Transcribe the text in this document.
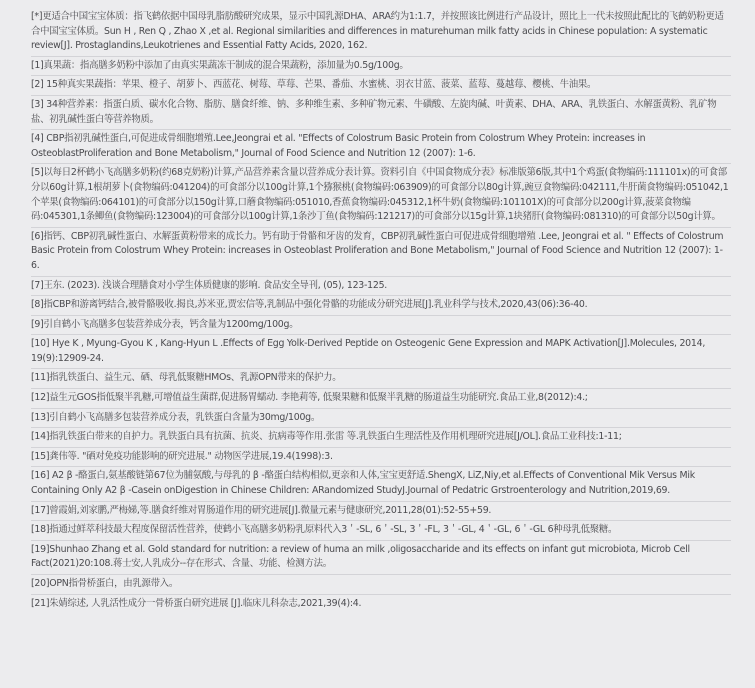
[*]更适合中国宝宝体质：指飞鹤依据中国母乳脂肪酸研究成果，显示中国乳源DHA、ARA约为1:1.7，并按照该比例进行产品设计，照比上一代未按照此配比的飞鹤奶粉更适合中国宝宝体质。Sun H , Ren Q , Zhao X ,et al. Regional similarities and differences in maturehuman milk fatty acids in Chinese population: A systematic review[J]. Prostaglandins,Leukotrienes and Essential Fatty Acids, 2020, 162.

[1]真果蔬：指高膳多奶粉中添加了由真实果蔬冻干制成的混合果蔬粉，添加量为0.5g/100g。

[2] 15种真实果蔬指：苹果、橙子、胡萝卜、西蓝花、树莓、草莓、芒果、番茄、水蜜桃、羽衣甘蓝、菠菜、蓝莓、蔓越莓、樱桃、牛油果。

[3] 34种营养素：指蛋白质、碳水化合物、脂肪、膳食纤维、钠、多种维生素、多种矿物元素、牛磺酸、左旋肉碱、叶黄素、DHA、ARA、乳铁蛋白、水解蛋黄粉、乳矿物盐、初乳碱性蛋白等营养物质。

[4] CBP指初乳碱性蛋白,可促进成骨细胞增殖.Lee,Jeongrai et al. "Effects of Colostrum Basic Protein from Colostrum Whey Protein: increases in OsteoblastProliferation and Bone Metabolism," Journal of Food Science and Nutrition 12 (2007): 1-6.

[5]以每日2杯鹤小飞高膳多奶粉(约68克奶粉)计算,产品营养素含量以营养成分表计算。资料引自《中国食物成分表》标准版第6版,其中1个鸡蛋(食物编码:111101x)的可食部分以60g计算,1根胡萝卜(食物编码:041204)的可食部分以100g计算,1个猕猴桃(食物编码:063909)的可食部分以80g计算,豌豆食物编码:042111,牛肝菌食物编码:051042,1个苹果(食物编码:064101)的可食部分以150g计算,口蘑食物编码:051010,香蕉食物编码:045312,1杯牛奶(食物编码:101101X)的可食部分以200g计算,菠菜食物编码:045301,1条鲫鱼(食物编码:123004)的可食部分以100g计算,1条沙丁鱼(食物编码:121217)的可食部分以15g计算,1块猪肝(食物编码:081310)的可食部分以50g计算。

[6]指钙、CBP初乳碱性蛋白、水解蛋黄粉带来的成长力。钙有助于骨骼和牙齿的发育，CBP初乳碱性蛋白可促进成骨细胞增殖 .Lee, Jeongrai et al. " Effects of Colostrum Basic Protein from Colostrum Whey Protein: increases in Osteoblast Proliferation and Bone Metabolism," Journal of Food Science and Nutrition 12 (2007): 1-6.

[7]王东. (2023). 浅谈合理膳食对小学生体质健康的影响. 食品安全导刊, (05), 123-125.

[8]指CBP和游离钙结合,被骨骼吸收.揭良,苏米亚,贾宏信等,乳制品中强化骨骼的功能成分研究进展[J].乳业科学与技术,2020,43(06):36-40.

[9]引自鹤小飞高膳多包装营养成分表，钙含量为1200mg/100g。

[10] Hye K , Myung-Gyou K , Kang-Hyun L .Effects of Egg Yolk-Derived Peptide on Osteogenic Gene Expression and MAPK Activation[J].Molecules, 2014, 19(9):12909-24.

[11]指乳铁蛋白、益生元、硒、母乳低聚糖HMOs、乳源OPN带来的保护力。

[12]益生元GOS指低聚半乳糖,可增值益生菌群,促进肠胃蠕动. 李艳莉等, 低聚果糖和低聚半乳糖的肠道益生功能研究.食品工业,8(2012):4.;

[13]引自鹤小飞高膳多包装营养成分表，乳铁蛋白含量为30mg/100g。

[14]指乳铁蛋白带来的自护力。乳铁蛋白具有抗菌、抗炎、抗病毒等作用.张雷 等.乳铁蛋白生理活性及作用机理研究进展[J/OL].食品工业科技:1-11;

[15]龚伟等. "硒对免疫功能影响的研究进展." 动物医学进展,19.4(1998):3.

[16] A2 β -酪蛋白,氨基酸链第67位为脯氨酸,与母乳的 β -酪蛋白结构相似,更亲和人体,宝宝更舒适.ShengX, LiZ,Niy,et al.Effects of Conventional Mik Versus Mik Containing Only A2 β -Casein onDigestion in Chinese Children: ARandomized StudyJ.Journal of Pedatric Grstroenterology and Nutrition,2019,69.

[17]曾霞娟,刘家鹏,严梅娣,等.膳食纤维对胃肠道作用的研究进展[J].微量元素与健康研究,2011,28(01):52-55+59.

[18]指通过鲜萃科技最大程度保留活性营养，使鹤小飞高膳多奶粉乳原料代入3＇-SL, 6＇-SL, 3＇-FL, 3＇-GL, 4＇-GL, 6＇-GL 6种母乳低聚糖。

[19]Shunhao Zhang et al. Gold standard for nutrition: a review of huma an milk ,oligosaccharide and its effects on infant gut microbiota, Microb Cell Fact(2021)20:108.蒋士安,人乳成分--存在形式、含量、功能、检测方法。

[20]OPN指骨桥蛋白，由乳源带入。

[21]朱婧综述, 人乳活性成分一骨桥蛋白研究进展 [J].临床儿科杂志,2021,39(4):4.
